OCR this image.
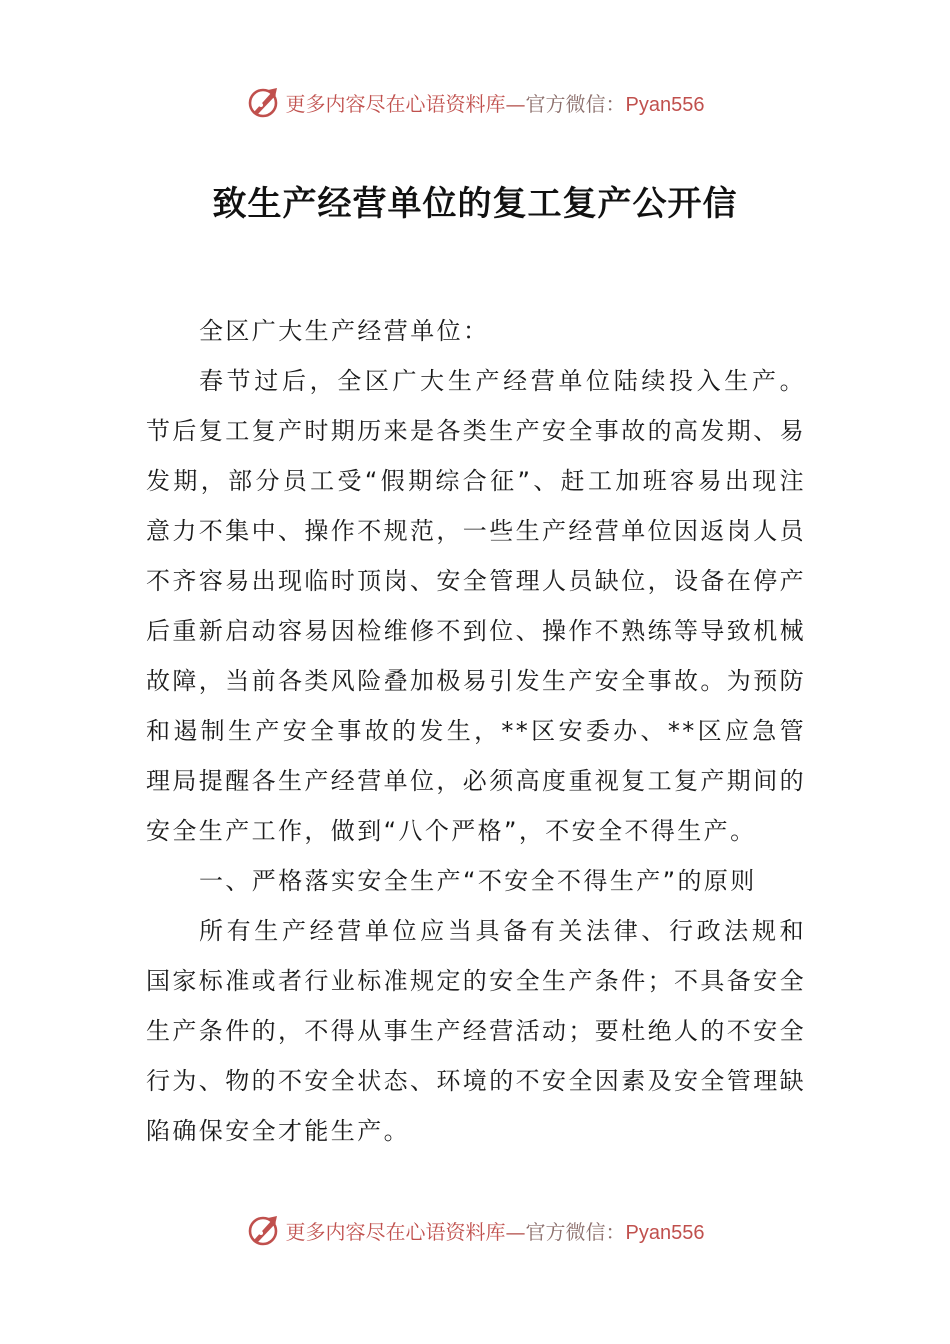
更多内容尽在心语资料库—官方微信：Pyan556
致生产经营单位的复工复产公开信

全区广大生产经营单位：

春节过后，全区广大生产经营单位陆续投入生产。节后复工复产时期历来是各类生产安全事故的高发期、易发期，部分员工受“假期综合征”、赶工加班容易出现注意力不集中、操作不规范，一些生产经营单位因返岗人员不齐容易出现临时顶岗、安全管理人员缺位，设备在停产后重新启动容易因检维修不到位、操作不熟练等导致机械故障，当前各类风险叠加极易引发生产安全事故。为预防和遏制生产安全事故的发生，**区安委办、**区应急管理局提醒各生产经营单位，必须高度重视复工复产期间的安全生产工作，做到“八个严格”，不安全不得生产。

一、严格落实安全生产“不安全不得生产”的原则

所有生产经营单位应当具备有关法律、行政法规和国家标准或者行业标准规定的安全生产条件；不具备安全生产条件的，不得从事生产经营活动；要杜绝人的不安全行为、物的不安全状态、环境的不安全因素及安全管理缺陷确保安全才能生产。

更多内容尽在心语资料库—官方微信：Pyan556
